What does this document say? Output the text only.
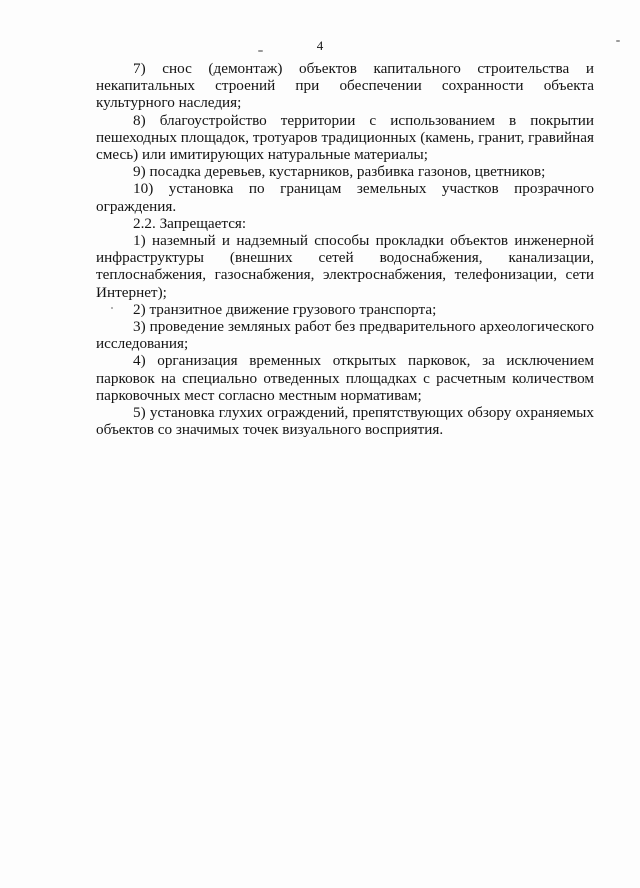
4

7) снос (демонтаж) объектов капитального строительства и некапитальных строений при обеспечении сохранности объекта культурного наследия;

8) благоустройство территории с использованием в покрытии пешеходных площадок, тротуаров традиционных (камень, гранит, гравийная смесь) или имитирующих натуральные материалы;

9) посадка деревьев, кустарников, разбивка газонов, цветников;

10) установка по границам земельных участков прозрачного ограждения.

2.2. Запрещается:

1) наземный и надземный способы прокладки объектов инженерной инфраструктуры (внешних сетей водоснабжения, канализации, теплоснабжения, газоснабжения, электроснабжения, телефонизации, сети Интернет);

2) транзитное движение грузового транспорта;

3) проведение земляных работ без предварительного археологического исследования;

4) организация временных открытых парковок, за исключением парковок на специально отведенных площадках с расчетным количеством парковочных мест согласно местным нормативам;

5) установка глухих ограждений, препятствующих обзору охраняемых объектов со значимых точек визуального восприятия.
